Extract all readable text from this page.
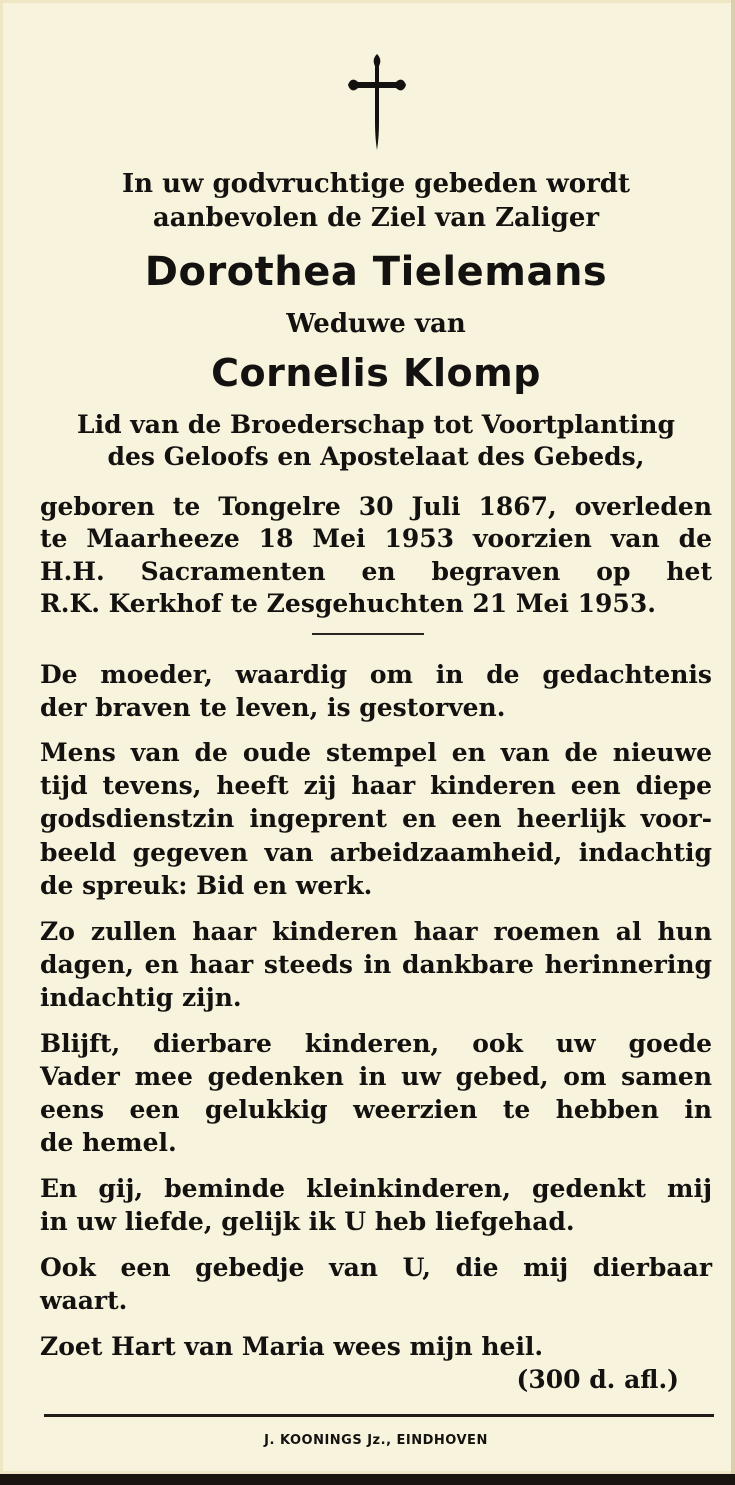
In uw godvruchtige gebeden wordt
aanbevolen de Ziel van Zaliger
Dorothea Tielemans
Weduwe van
Cornelis Klomp
Lid van de Broederschap tot Voortplanting
des Geloofs en Apostelaat des Gebeds,
geboren te Tongelre 30 Juli 1867, overleden
te Maarheeze 18 Mei 1953 voorzien van de
H.H. Sacramenten en begraven op het
R.K. Kerkhof te Zesgehuchten 21 Mei 1953.
De moeder, waardig om in de gedachtenis
der braven te leven, is gestorven.
Mens van de oude stempel en van de nieuwe
tijd tevens, heeft zij haar kinderen een diepe
godsdienstzin ingeprent en een heerlijk voor-
beeld gegeven van arbeidzaamheid, indachtig
de spreuk: Bid en werk.
Zo zullen haar kinderen haar roemen al hun
dagen, en haar steeds in dankbare herinnering
indachtig zijn.
Blijft, dierbare kinderen, ook uw goede
Vader mee gedenken in uw gebed, om samen
eens een gelukkig weerzien te hebben in
de hemel.
En gij, beminde kleinkinderen, gedenkt mij
in uw liefde, gelijk ik U heb liefgehad.
Ook een gebedje van U, die mij dierbaar
waart.
Zoet Hart van Maria wees mijn heil.
(300 d. afl.)
J. KOONINGS Jz., EINDHOVEN
